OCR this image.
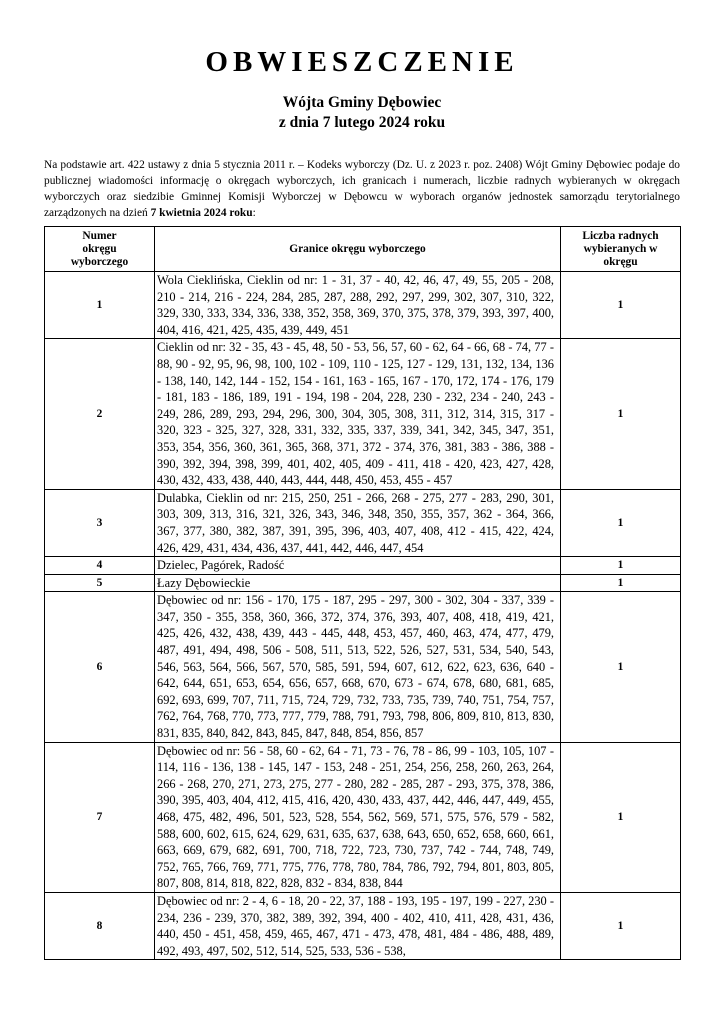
OBWIESZCZENIE
Wójta Gminy Dębowiec
z dnia 7 lutego 2024 roku
Na podstawie art. 422 ustawy z dnia 5 stycznia 2011 r. – Kodeks wyborczy (Dz. U. z 2023 r. poz. 2408) Wójt Gminy Dębowiec podaje do publicznej wiadomości informację o okręgach wyborczych, ich granicach i numerach, liczbie radnych wybieranych w okręgach wyborczych oraz siedzibie Gminnej Komisji Wyborczej w Dębowcu w wyborach organów jednostek samorządu terytorialnego zarządzonych na dzień 7 kwietnia 2024 roku:
Numer okręgu wyborczego	Granice okręgu wyborczego	Liczba radnych wybieranych w okręgu

1	Wola Cieklińska, Cieklin od nr: 1 - 31, 37 - 40, 42, 46, 47, 49, 55, 205 - 208, 210 - 214, 216 - 224, 284, 285, 287, 288, 292, 297, 299, 302, 307, 310, 322, 329, 330, 333, 334, 336, 338, 352, 358, 369, 370, 375, 378, 379, 393, 397, 400, 404, 416, 421, 425, 435, 439, 449, 451	1
2	Cieklin od nr: 32 - 35, 43 - 45, 48, 50 - 53, 56, 57, 60 - 62, 64 - 66, 68 - 74, 77 - 88, 90 - 92, 95, 96, 98, 100, 102 - 109, 110 - 125, 127 - 129, 131, 132, 134, 136 - 138, 140, 142, 144 - 152, 154 - 161, 163 - 165, 167 - 170, 172, 174 - 176, 179 - 181, 183 - 186, 189, 191 - 194, 198 - 204, 228, 230 - 232, 234 - 240, 243 - 249, 286, 289, 293, 294, 296, 300, 304, 305, 308, 311, 312, 314, 315, 317 - 320, 323 - 325, 327, 328, 331, 332, 335, 337, 339, 341, 342, 345, 347, 351, 353, 354, 356, 360, 361, 365, 368, 371, 372 - 374, 376, 381, 383 - 386, 388 - 390, 392, 394, 398, 399, 401, 402, 405, 409 - 411, 418 - 420, 423, 427, 428, 430, 432, 433, 438, 440, 443, 444, 448, 450, 453, 455 - 457	1
3	Dulabka, Cieklin od nr: 215, 250, 251 - 266, 268 - 275, 277 - 283, 290, 301, 303, 309, 313, 316, 321, 326, 343, 346, 348, 350, 355, 357, 362 - 364, 366, 367, 377, 380, 382, 387, 391, 395, 396, 403, 407, 408, 412 - 415, 422, 424, 426, 429, 431, 434, 436, 437, 441, 442, 446, 447, 454	1
4	Dzielec, Pagórek, Radość	1
5	Łazy Dębowieckie	1
6	Dębowiec od nr: 156 - 170, 175 - 187, 295 - 297, 300 - 302, 304 - 337, 339 - 347, 350 - 355, 358, 360, 366, 372, 374, 376, 393, 407, 408, 418, 419, 421, 425, 426, 432, 438, 439, 443 - 445, 448, 453, 457, 460, 463, 474, 477, 479, 487, 491, 494, 498, 506 - 508, 511, 513, 522, 526, 527, 531, 534, 540, 543, 546, 563, 564, 566, 567, 570, 585, 591, 594, 607, 612, 622, 623, 636, 640 - 642, 644, 651, 653, 654, 656, 657, 668, 670, 673 - 674, 678, 680, 681, 685, 692, 693, 699, 707, 711, 715, 724, 729, 732, 733, 735, 739, 740, 751, 754, 757, 762, 764, 768, 770, 773, 777, 779, 788, 791, 793, 798, 806, 809, 810, 813, 830, 831, 835, 840, 842, 843, 845, 847, 848, 854, 856, 857	1
7	Dębowiec od nr: 56 - 58, 60 - 62, 64 - 71, 73 - 76, 78 - 86, 99 - 103, 105, 107 - 114, 116 - 136, 138 - 145, 147 - 153, 248 - 251, 254, 256, 258, 260, 263, 264, 266 - 268, 270, 271, 273, 275, 277 - 280, 282 - 285, 287 - 293, 375, 378, 386, 390, 395, 403, 404, 412, 415, 416, 420, 430, 433, 437, 442, 446, 447, 449, 455, 468, 475, 482, 496, 501, 523, 528, 554, 562, 569, 571, 575, 576, 579 - 582, 588, 600, 602, 615, 624, 629, 631, 635, 637, 638, 643, 650, 652, 658, 660, 661, 663, 669, 679, 682, 691, 700, 718, 722, 723, 730, 737, 742 - 744, 748, 749, 752, 765, 766, 769, 771, 775, 776, 778, 780, 784, 786, 792, 794, 801, 803, 805, 807, 808, 814, 818, 822, 828, 832 - 834, 838, 844	1
8	Dębowiec od nr: 2 - 4, 6 - 18, 20 - 22, 37, 188 - 193, 195 - 197, 199 - 227, 230 - 234, 236 - 239, 370, 382, 389, 392, 394, 400 - 402, 410, 411, 428, 431, 436, 440, 450 - 451, 458, 459, 465, 467, 471 - 473, 478, 481, 484 - 486, 488, 489, 492, 493, 497, 502, 512, 514, 525, 533, 536 - 538,	1
